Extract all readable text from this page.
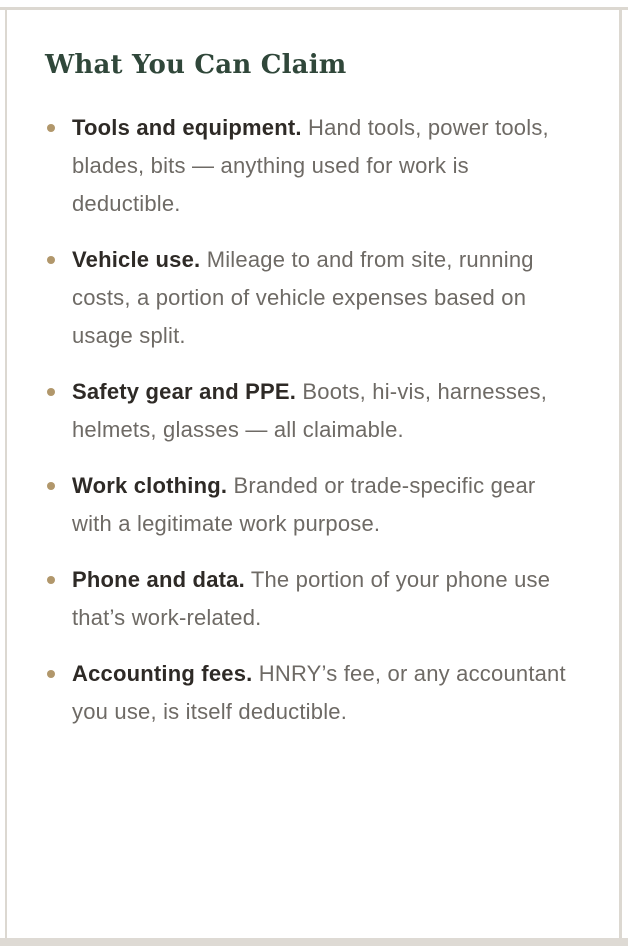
What You Can Claim

Tools and equipment. Hand tools, power tools, blades, bits — anything used for work is deductible.

Vehicle use. Mileage to and from site, running costs, a portion of vehicle expenses based on usage split.

Safety gear and PPE. Boots, hi-vis, harnesses, helmets, glasses — all claimable.

Work clothing. Branded or trade-specific gear with a legitimate work purpose.

Phone and data. The portion of your phone use that’s work-related.

Accounting fees. HNRY’s fee, or any accountant you use, is itself deductible.
